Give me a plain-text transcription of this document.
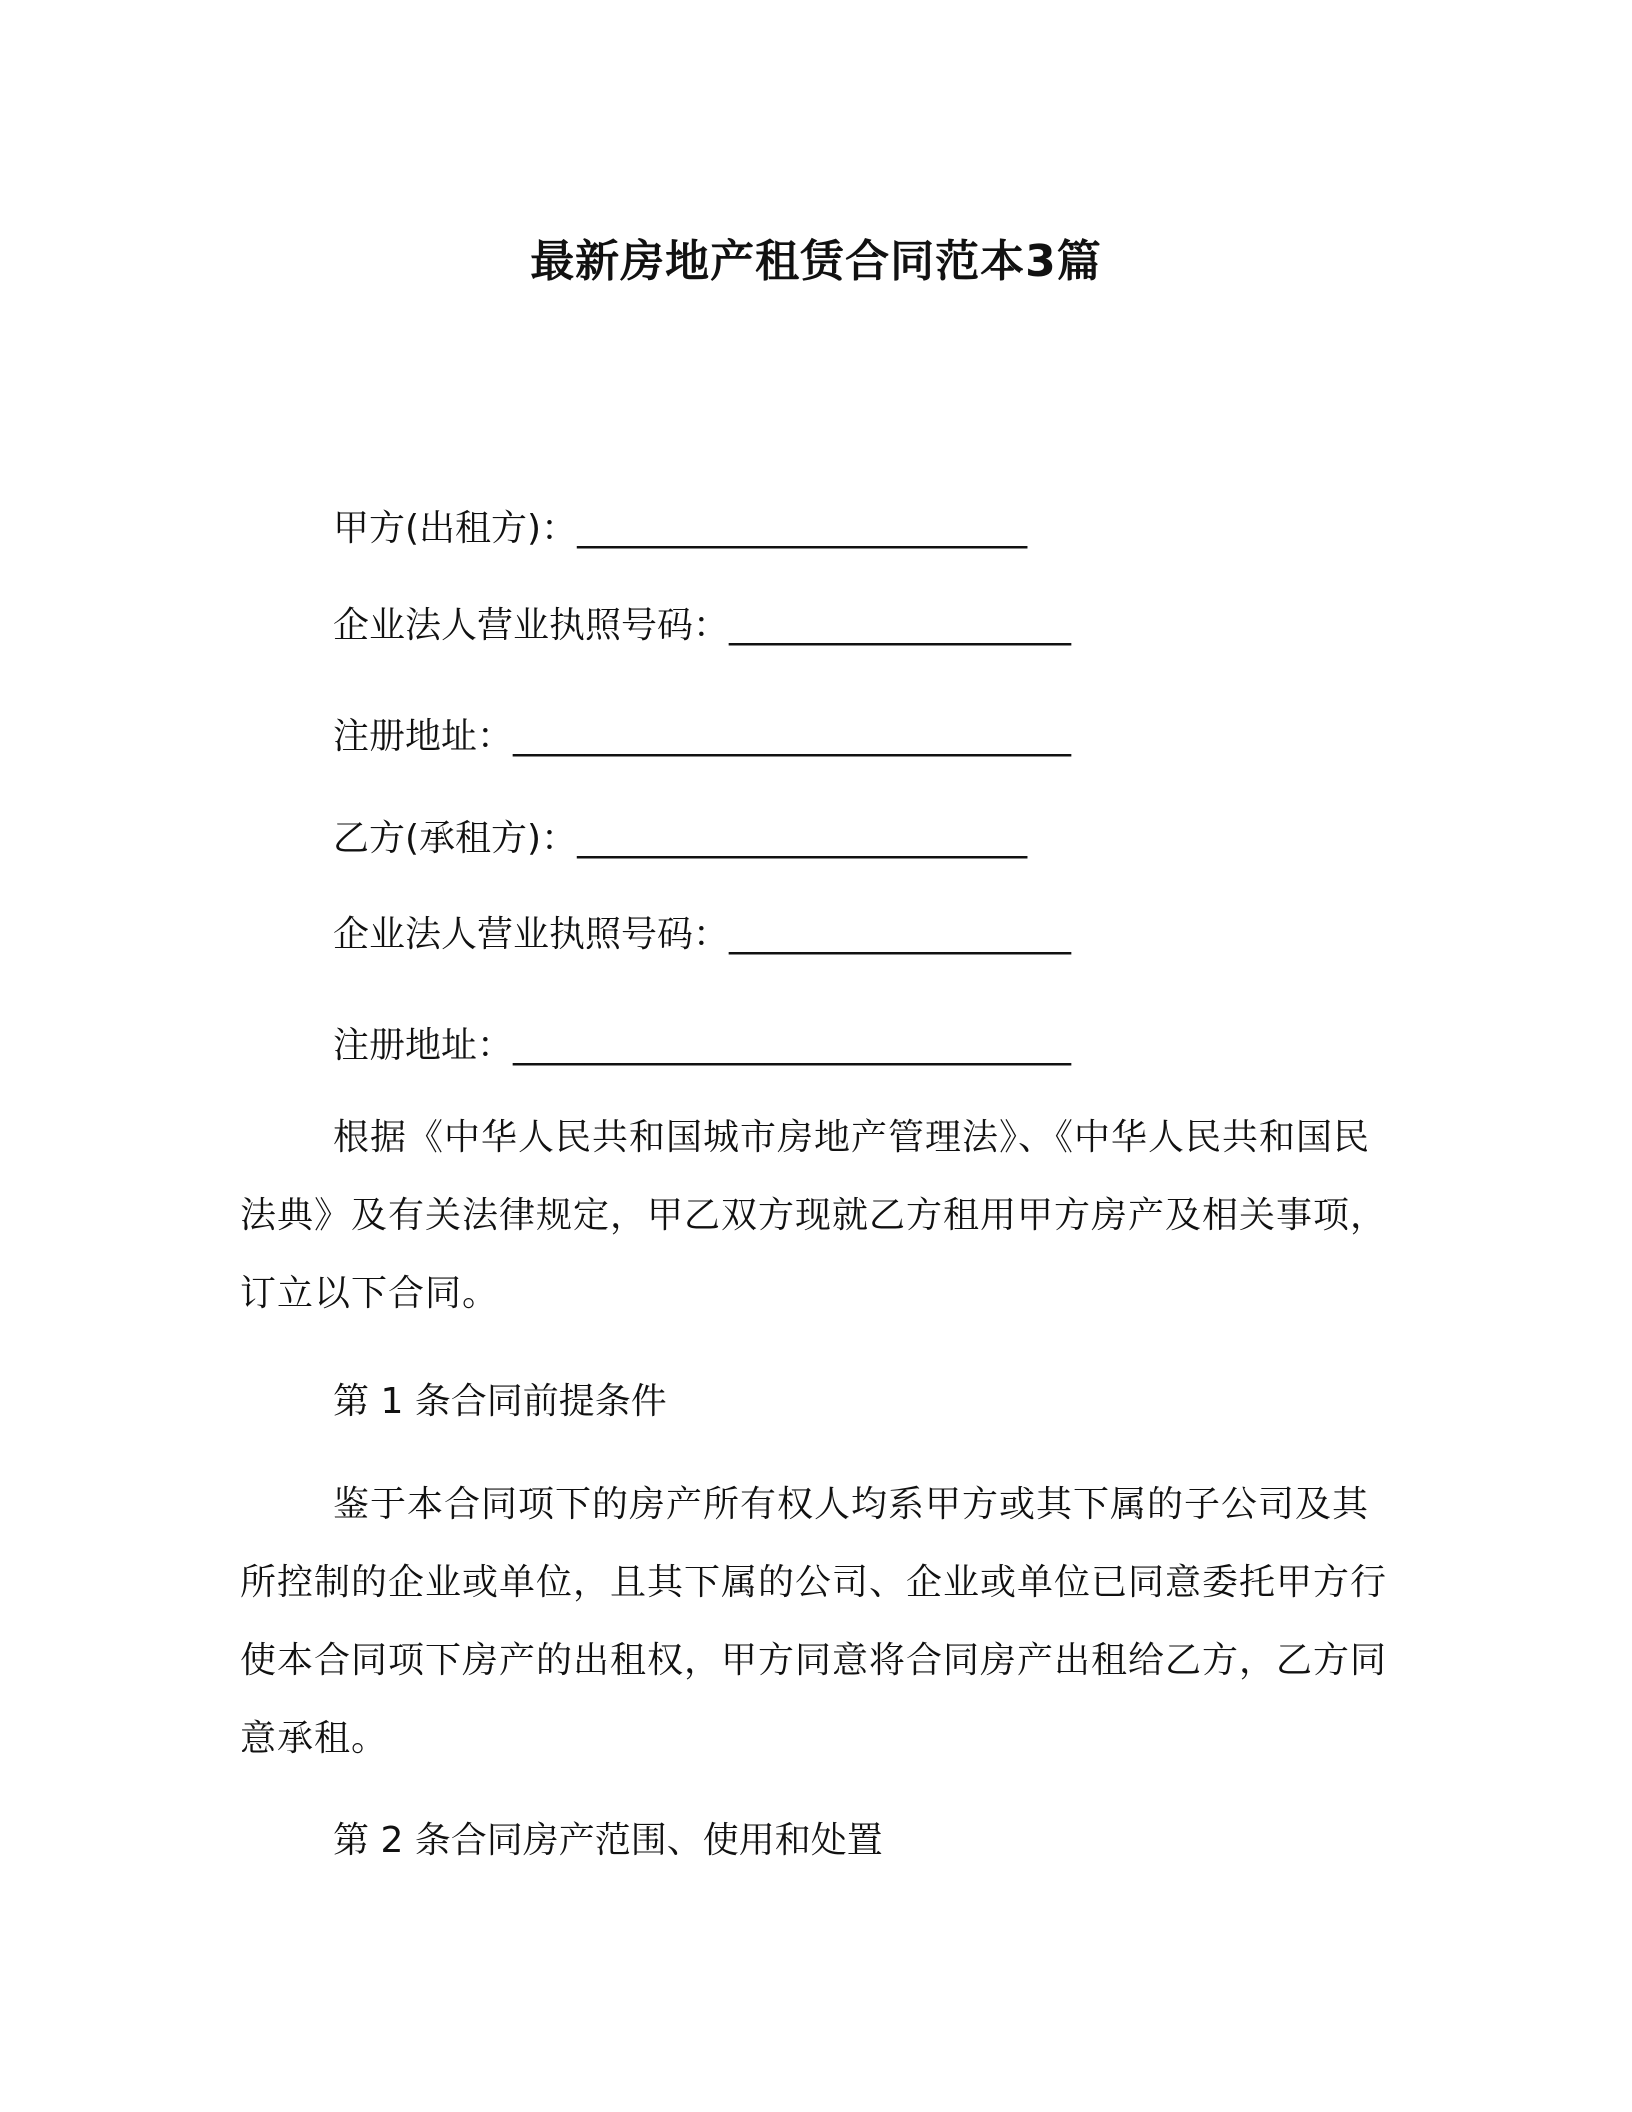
最新房地产租赁合同范本3篇
甲方(出租方)：_________________________
企业法人营业执照号码：___________________
注册地址：_______________________________
乙方(承租方)：_________________________
企业法人营业执照号码：___________________
注册地址：_______________________________
根据《中华人民共和国城市房地产管理法》、《中华人民共和国民法典》及有关法律规定，甲乙双方现就乙方租用甲方房产及相关事项，订立以下合同。
第 1 条合同前提条件
鉴于本合同项下的房产所有权人均系甲方或其下属的子公司及其所控制的企业或单位，且其下属的公司、企业或单位已同意委托甲方行使本合同项下房产的出租权，甲方同意将合同房产出租给乙方，乙方同意承租。
第 2 条合同房产范围、使用和处置
